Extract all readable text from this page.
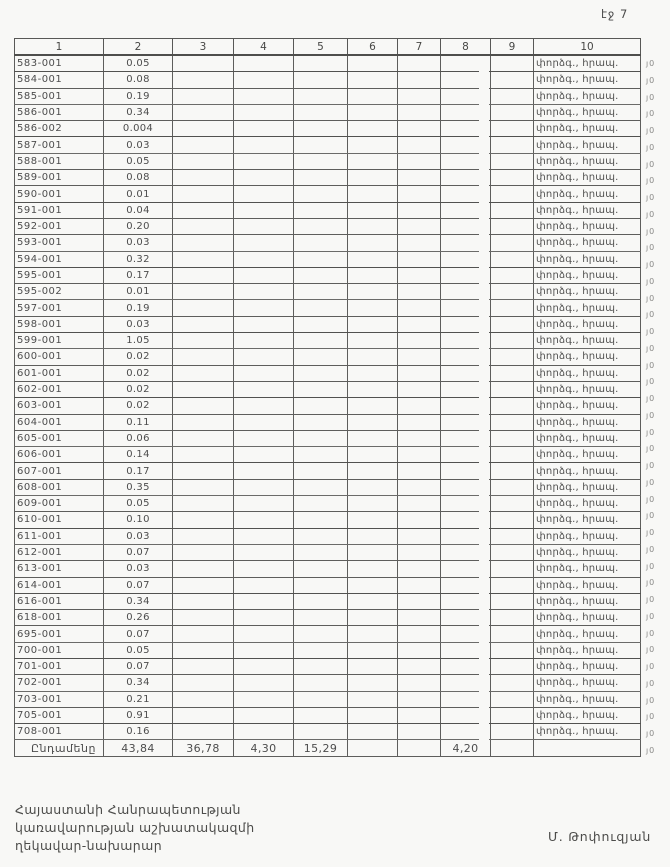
էջ 7
1	2	3	4	5	6	7	8	9	10
583-001	0.05								փորձգ., հրապ.
584-001	0.08								փորձգ., հրապ.
585-001	0.19								փորձգ., հրապ.
586-001	0.34								փորձգ., հրապ.
586-002	0.004								փորձգ., հրապ.
587-001	0.03								փորձգ., հրապ.
588-001	0.05								փորձգ., հրապ.
589-001	0.08								փորձգ., հրապ.
590-001	0.01								փորձգ., հրապ.
591-001	0.04								փորձգ., հրապ.
592-001	0.20								փորձգ., հրապ.
593-001	0.03								փորձգ., հրապ.
594-001	0.32								փորձգ., հրապ.
595-001	0.17								փորձգ., հրապ.
595-002	0.01								փորձգ., հրապ.
597-001	0.19								փորձգ., հրապ.
598-001	0.03								փորձգ., հրապ.
599-001	1.05								փորձգ., հրապ.
600-001	0.02								փորձգ., հրապ.
601-001	0.02								փորձգ., հրապ.
602-001	0.02								փորձգ., հրապ.
603-001	0.02								փորձգ., հրապ.
604-001	0.11								փորձգ., հրապ.
605-001	0.06								փորձգ., հրապ.
606-001	0.14								փորձգ., հրապ.
607-001	0.17								փորձգ., հրապ.
608-001	0.35								փորձգ., հրապ.
609-001	0.05								փորձգ., հրապ.
610-001	0.10								փորձգ., հրապ.
611-001	0.03								փորձգ., հրապ.
612-001	0.07								փորձգ., հրապ.
613-001	0.03								փորձգ., հրապ.
614-001	0.07								փորձգ., հրապ.
616-001	0.34								փորձգ., հրապ.
618-001	0.26								փորձգ., հրապ.
695-001	0.07								փորձգ., հրապ.
700-001	0.05								փորձգ., հրապ.
701-001	0.07								փորձգ., հրապ.
702-001	0.34								փորձգ., հրապ.
703-001	0.21								փորձգ., հրապ.
705-001	0.91								փորձգ., հրապ.
708-001	0.16								փորձգ., հրապ.
Ընդամենը	43,84	36,78	4,30	15,29			4,20		
յ0
յ0
յ0
յ0
յ0
յ0
յ0
յ0
յ0
յ0
յ0
յ0
յ0
յ0
յ0
յ0
յ0
յ0
յ0
յ0
յ0
յ0
յ0
յ0
յ0
յ0
յ0
յ0
յ0
յ0
յ0
յ0
յ0
յ0
յ0
յ0
յ0
յ0
յ0
յ0
յ0
յ0
Հայաստանի Հանրապետության
կառավարության աշխատակազմի
ղեկավար-նախարար
Մ. Թոփուզյան
